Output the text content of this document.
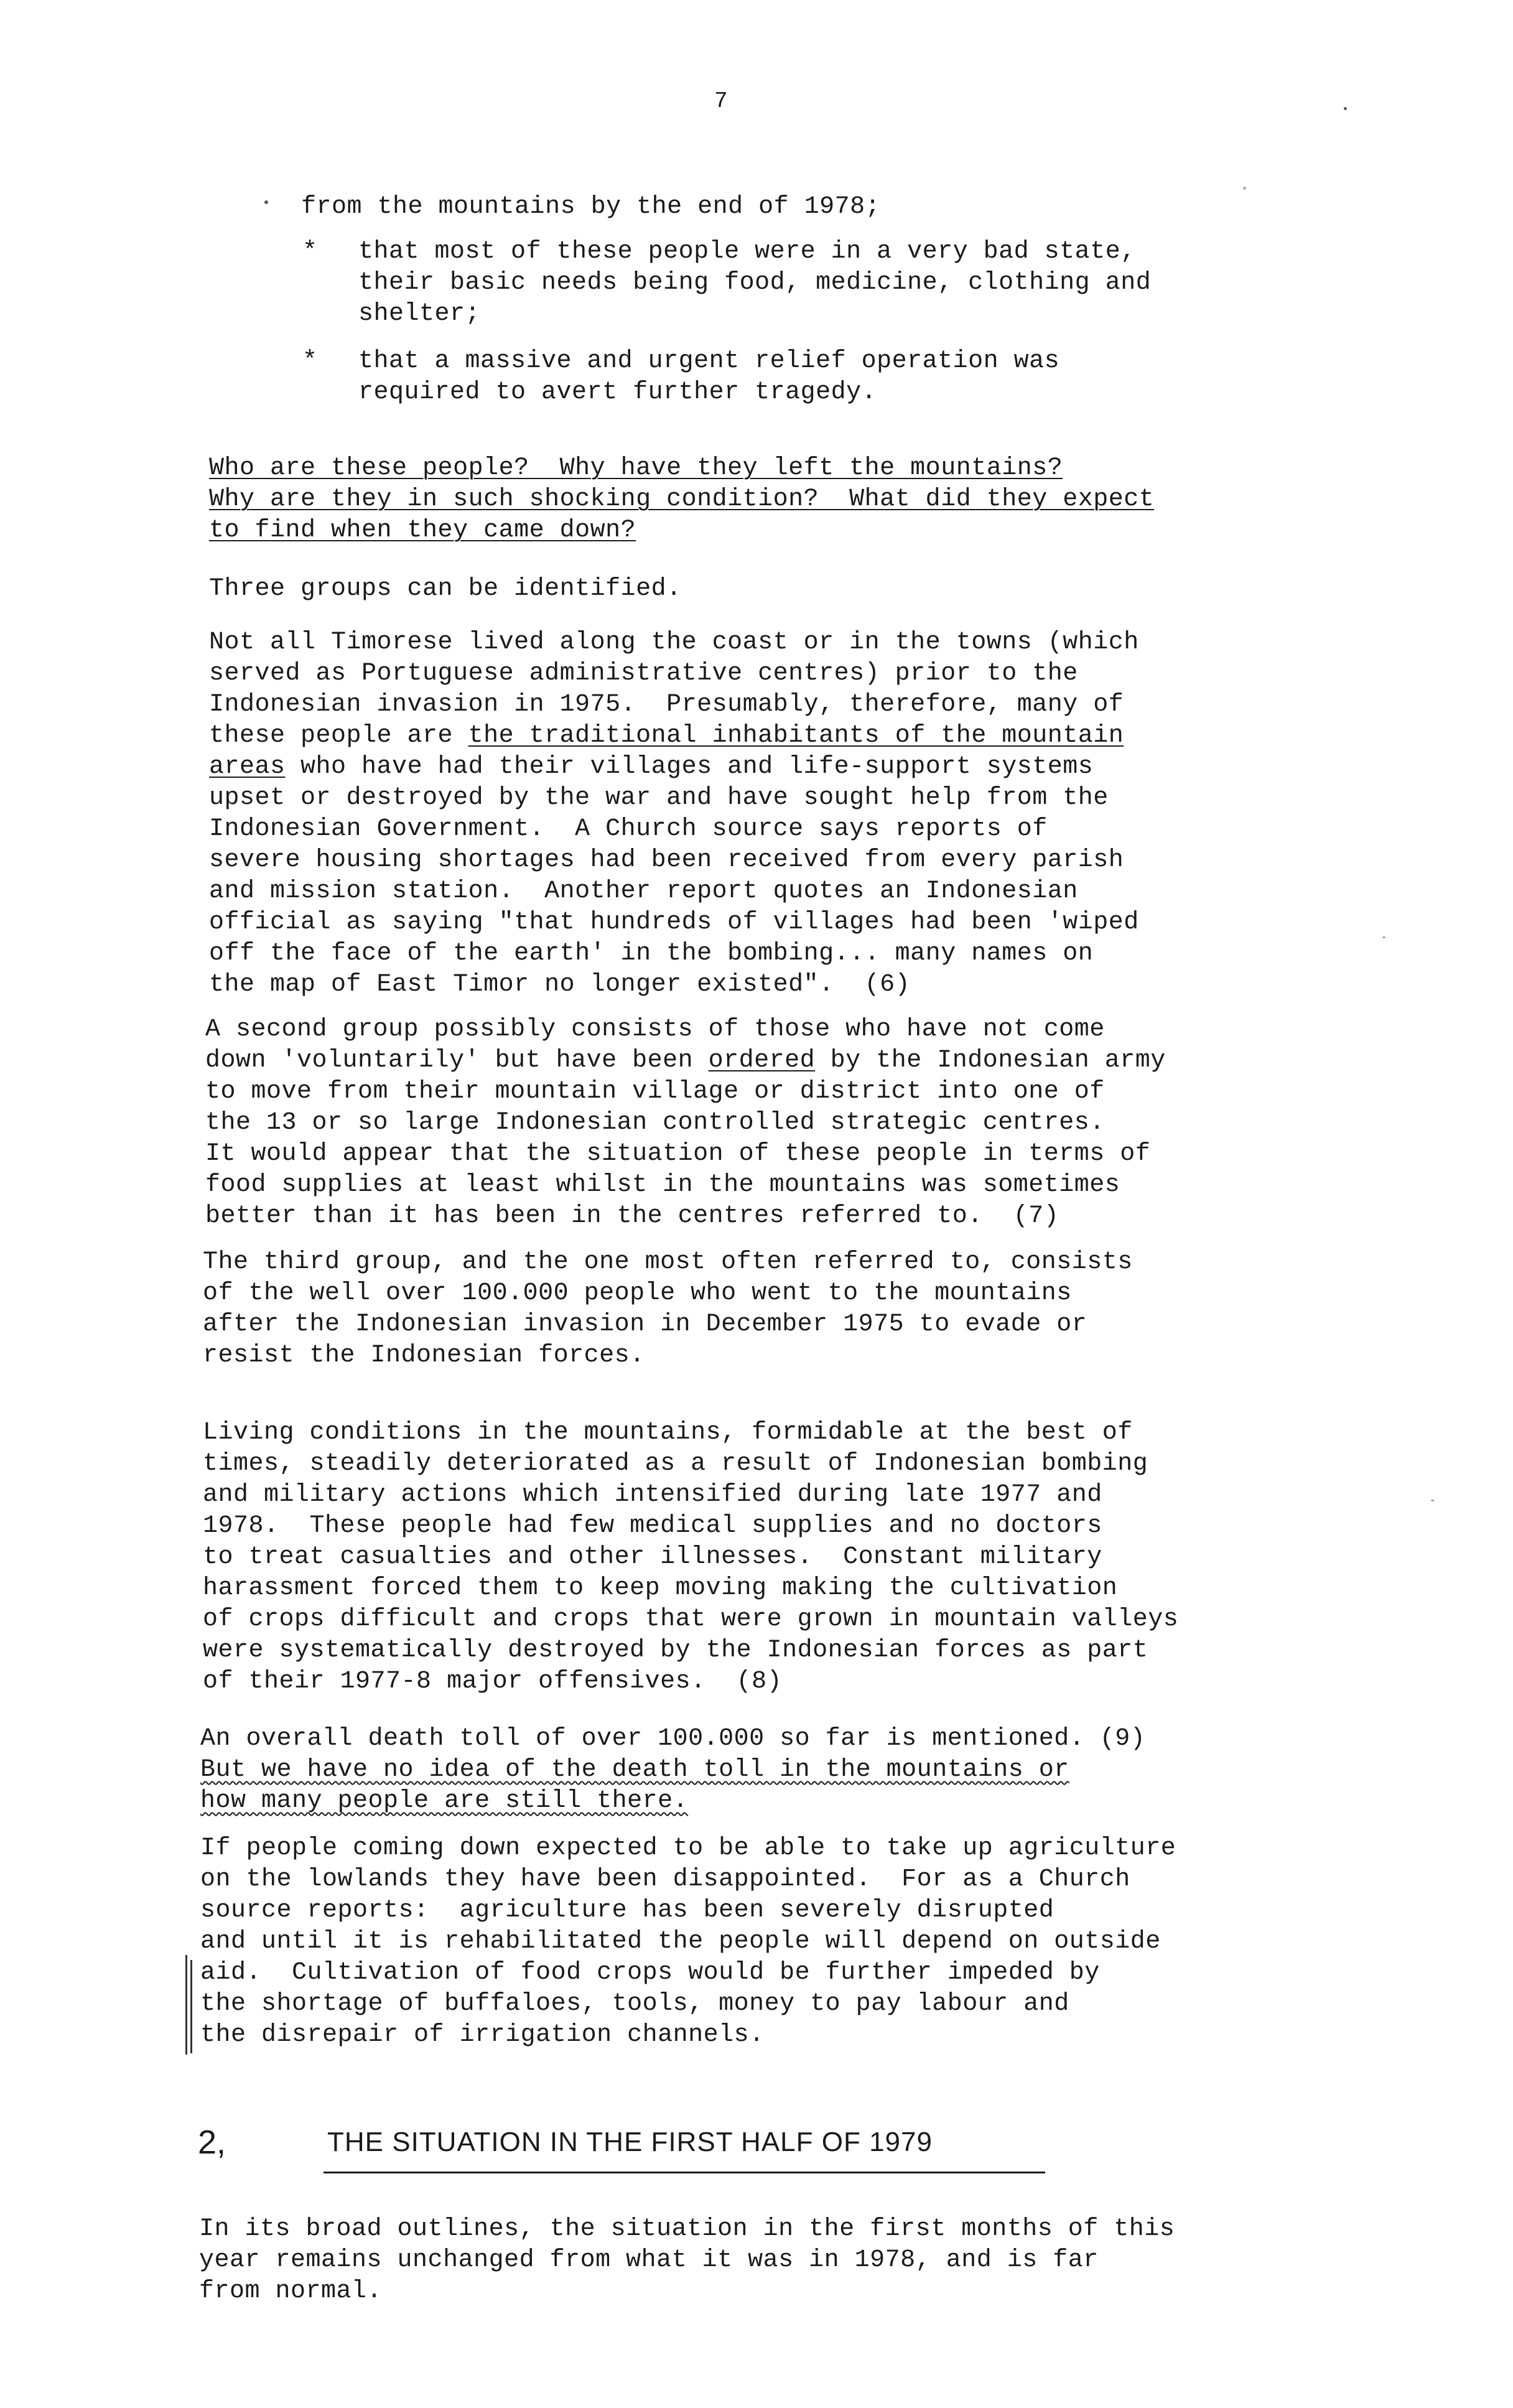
7
from the mountains by the end of 1978;
* that most of these people were in a very bad state,
their basic needs being food, medicine, clothing and
shelter;
* that a massive and urgent relief operation was
required to avert further tragedy.
Who are these people?  Why have they left the mountains?
Why are they in such shocking condition?  What did they expect
to find when they came down?
Three groups can be identified.
Not all Timorese lived along the coast or in the towns (which
served as Portuguese administrative centres) prior to the
Indonesian invasion in 1975.  Presumably, therefore, many of
these people are the traditional inhabitants of the mountain
areas who have had their villages and life-support systems
upset or destroyed by the war and have sought help from the
Indonesian Government.  A Church source says reports of
severe housing shortages had been received from every parish
and mission station.  Another report quotes an Indonesian
official as saying "that hundreds of villages had been 'wiped
off the face of the earth' in the bombing... many names on
the map of East Timor no longer existed".  (6)
A second group possibly consists of those who have not come
down 'voluntarily' but have been ordered by the Indonesian army
to move from their mountain village or district into one of
the 13 or so large Indonesian controlled strategic centres.
It would appear that the situation of these people in terms of
food supplies at least whilst in the mountains was sometimes
better than it has been in the centres referred to.  (7)
The third group, and the one most often referred to, consists
of the well over 100.000 people who went to the mountains
after the Indonesian invasion in December 1975 to evade or
resist the Indonesian forces.
Living conditions in the mountains, formidable at the best of
times, steadily deteriorated as a result of Indonesian bombing
and military actions which intensified during late 1977 and
1978.  These people had few medical supplies and no doctors
to treat casualties and other illnesses.  Constant military
harassment forced them to keep moving making the cultivation
of crops difficult and crops that were grown in mountain valleys
were systematically destroyed by the Indonesian forces as part
of their 1977-8 major offensives.  (8)
An overall death toll of over 100.000 so far is mentioned. (9)
But we have no idea of the death toll in the mountains or
how many people are still there.
If people coming down expected to be able to take up agriculture
on the lowlands they have been disappointed.  For as a Church
source reports:  agriculture has been severely disrupted
and until it is rehabilitated the people will depend on outside
aid.  Cultivation of food crops would be further impeded by
the shortage of buffaloes, tools, money to pay labour and
the disrepair of irrigation channels.
2,	THE SITUATION IN THE FIRST HALF OF 1979
In its broad outlines, the situation in the first months of this
year remains unchanged from what it was in 1978, and is far
from normal.
